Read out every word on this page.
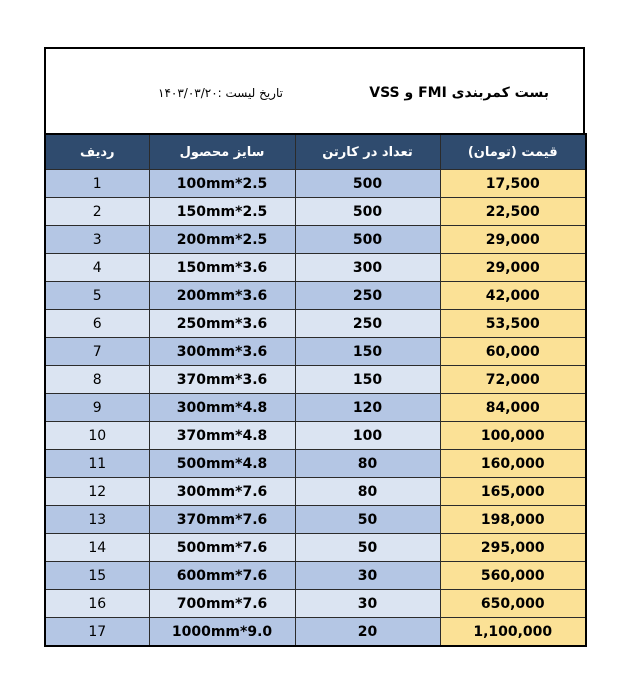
تاریخ لیست :۱۴۰۳/۰۳/۲۰	بست کمربندی FMI و VSS
ردیف	سایز محصول	تعداد در کارتن	قیمت (تومان)
1	100mm*2.5	500	17,500
2	150mm*2.5	500	22,500
3	200mm*2.5	500	29,000
4	150mm*3.6	300	29,000
5	200mm*3.6	250	42,000
6	250mm*3.6	250	53,500
7	300mm*3.6	150	60,000
8	370mm*3.6	150	72,000
9	300mm*4.8	120	84,000
10	370mm*4.8	100	100,000
11	500mm*4.8	80	160,000
12	300mm*7.6	80	165,000
13	370mm*7.6	50	198,000
14	500mm*7.6	50	295,000
15	600mm*7.6	30	560,000
16	700mm*7.6	30	650,000
17	1000mm*9.0	20	1,100,000
